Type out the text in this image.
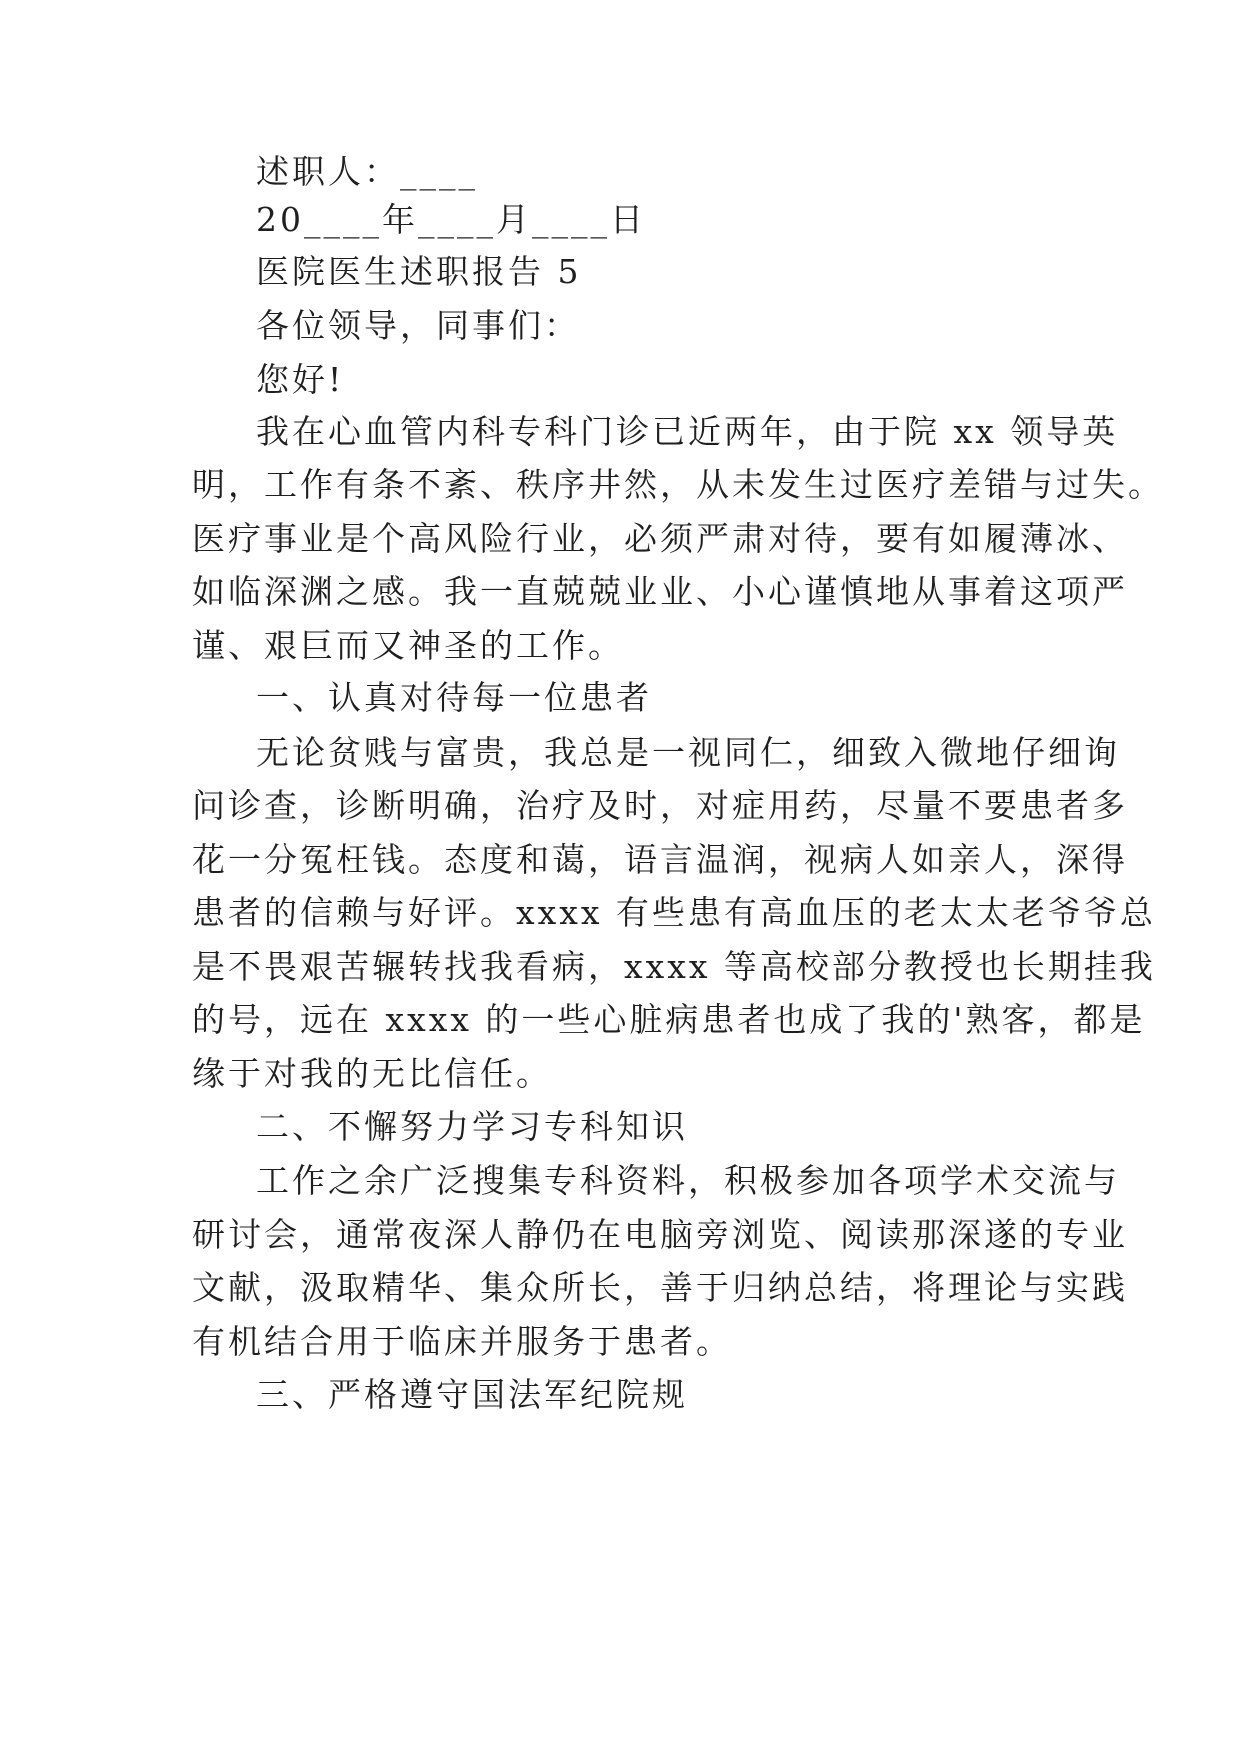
述职人：____
20____年____月____日
医院医生述职报告 5
各位领导，同事们：
您好!
我在心血管内科专科门诊已近两年，由于院 xx 领导英
明，工作有条不紊、秩序井然，从未发生过医疗差错与过失。
医疗事业是个高风险行业，必须严肃对待，要有如履薄冰、
如临深渊之感。我一直兢兢业业、小心谨慎地从事着这项严
谨、艰巨而又神圣的工作。
一、认真对待每一位患者
无论贫贱与富贵，我总是一视同仁，细致入微地仔细询
问诊查，诊断明确，治疗及时，对症用药，尽量不要患者多
花一分冤枉钱。态度和蔼，语言温润，视病人如亲人，深得
患者的信赖与好评。xxxx 有些患有高血压的老太太老爷爷总
是不畏艰苦辗转找我看病，xxxx 等高校部分教授也长期挂我
的号，远在 xxxx 的一些心脏病患者也成了我的'熟客，都是
缘于对我的无比信任。
二、不懈努力学习专科知识
工作之余广泛搜集专科资料，积极参加各项学术交流与
研讨会，通常夜深人静仍在电脑旁浏览、阅读那深遂的专业
文献，汲取精华、集众所长，善于归纳总结，将理论与实践
有机结合用于临床并服务于患者。
三、严格遵守国法军纪院规
